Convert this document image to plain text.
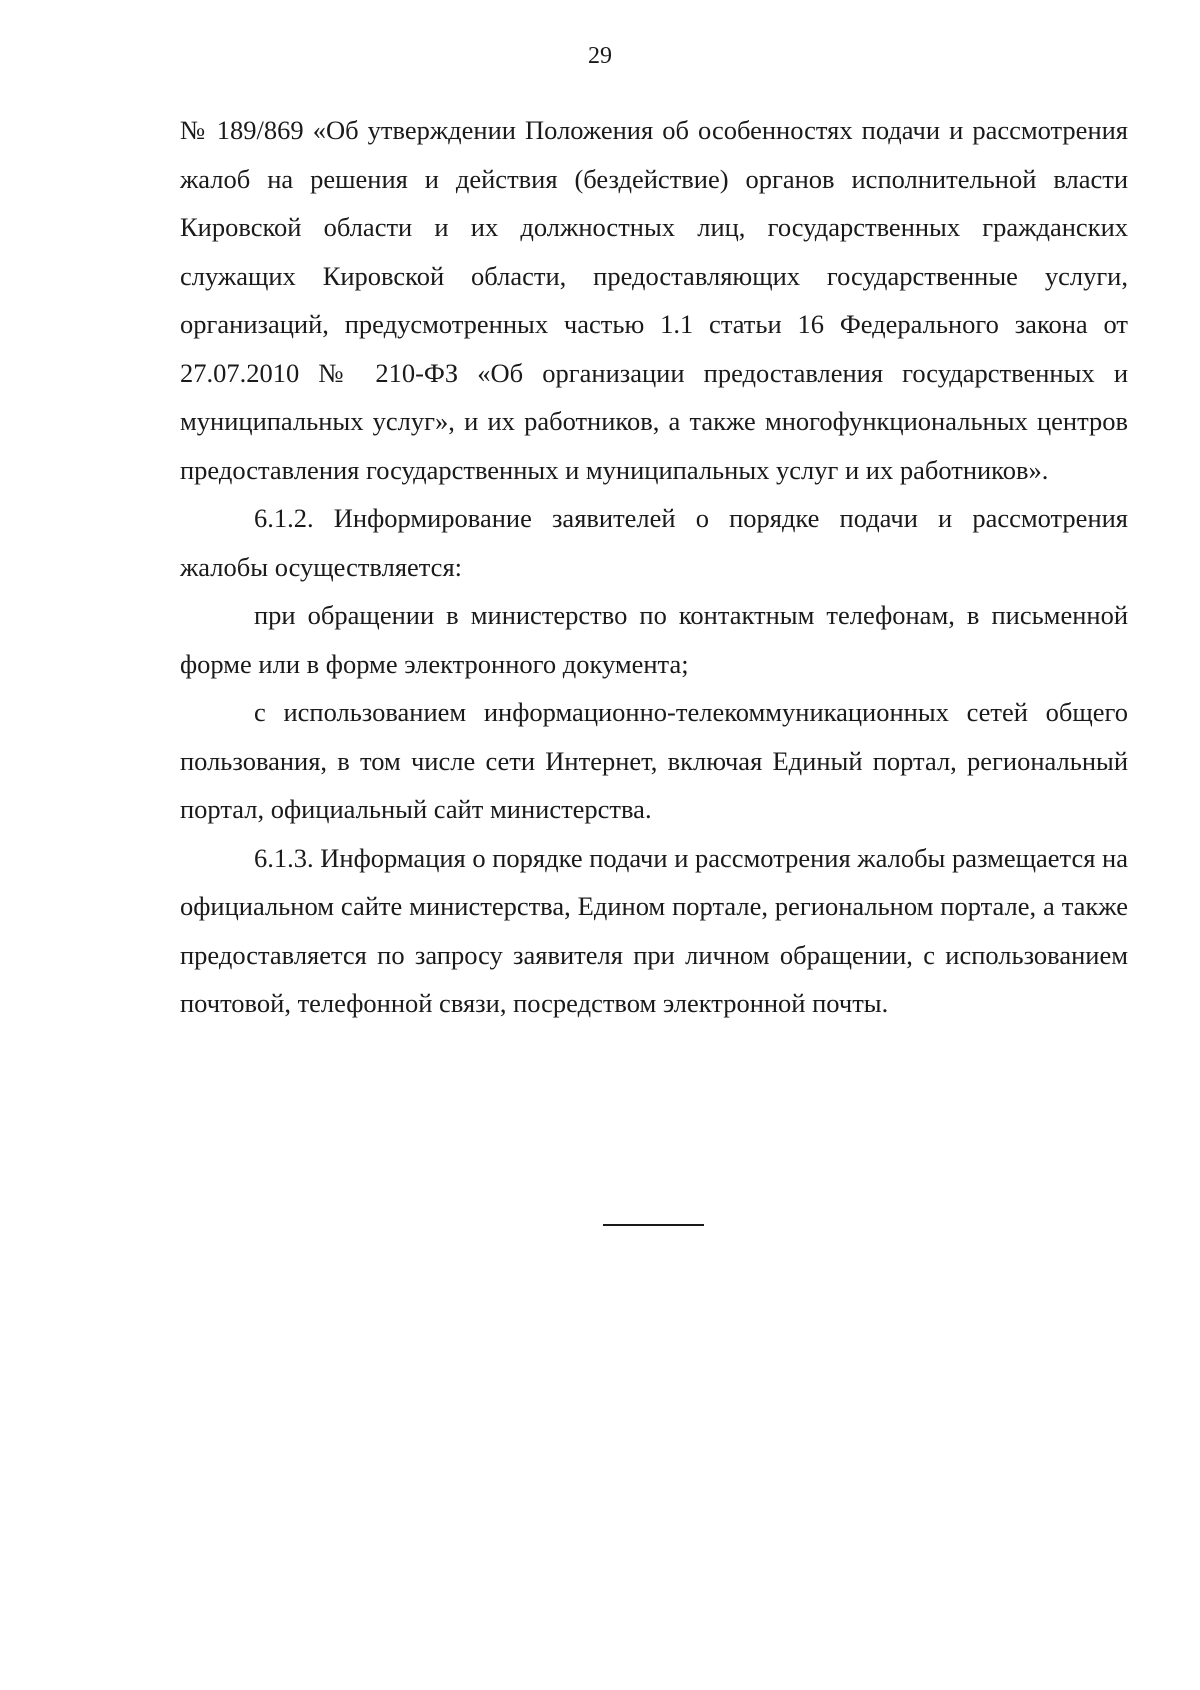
29

№ 189/869 «Об утверждении Положения об особенностях подачи и рассмотрения жалоб на решения и действия (бездействие) органов исполнительной власти Кировской области и их должностных лиц, государственных гражданских служащих Кировской области, предоставляющих государственные услуги, организаций, предусмотренных частью 1.1 статьи 16 Федерального закона от 27.07.2010 № 210-ФЗ «Об организации предоставления государственных и муниципальных услуг», и их работников, а также многофункциональных центров предоставления государственных и муниципальных услуг и их работников».

6.1.2. Информирование заявителей о порядке подачи и рассмотрения жалобы осуществляется:

при обращении в министерство по контактным телефонам, в письменной форме или в форме электронного документа;

с использованием информационно-телекоммуникационных сетей общего пользования, в том числе сети Интернет, включая Единый портал, региональный портал, официальный сайт министерства.

6.1.3. Информация о порядке подачи и рассмотрения жалобы размещается на официальном сайте министерства, Едином портале, региональном портале, а также предоставляется по запросу заявителя при личном обращении, с использованием почтовой, телефонной связи, посредством электронной почты.
